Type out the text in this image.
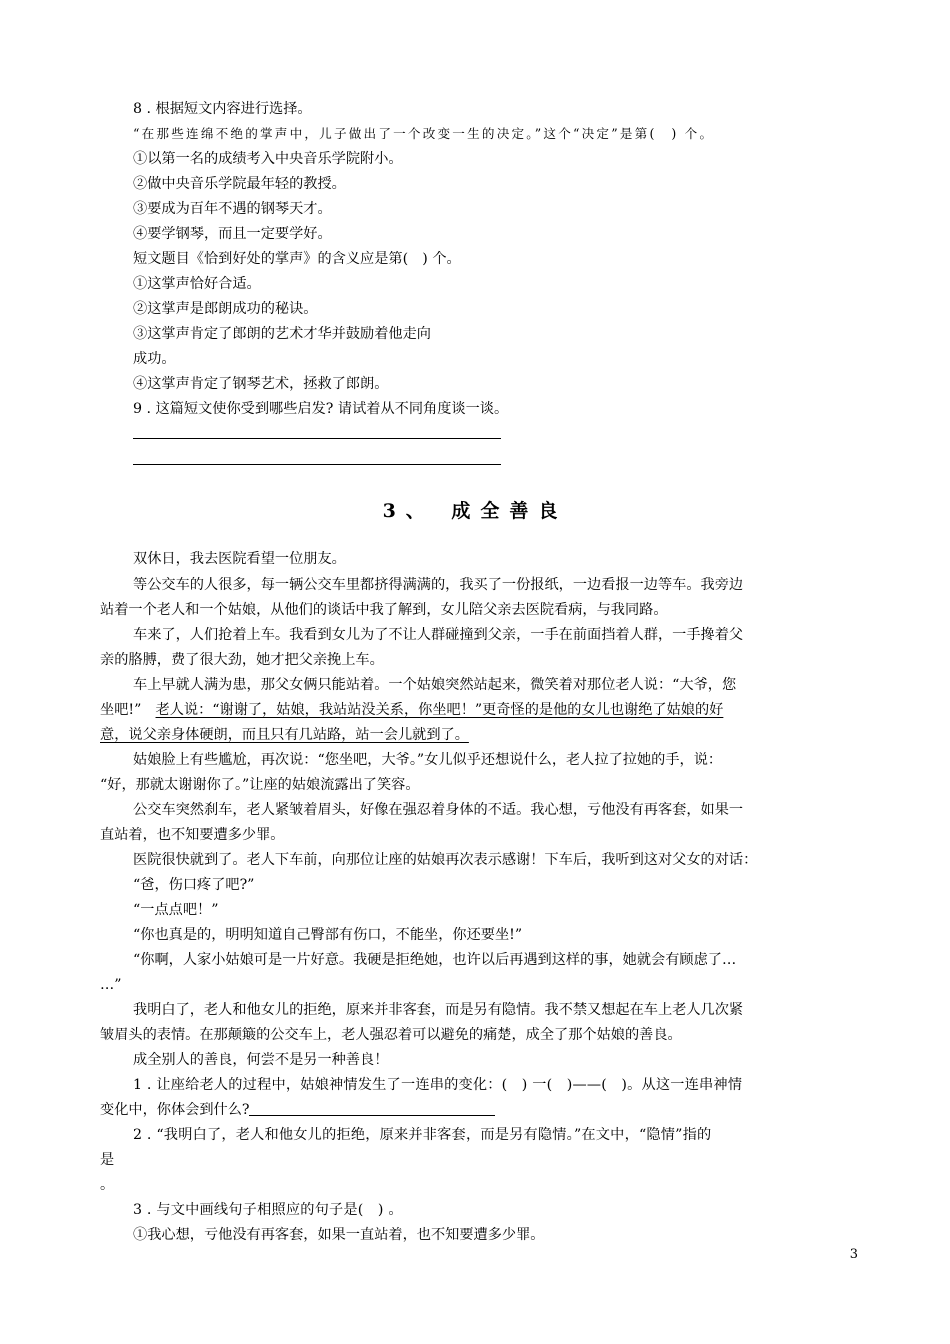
8 . 根据短文内容进行选择。
“在那些连绵不绝的掌声中，儿子做出了一个改变一生的决定。”这个“决定”是第(　) 个。
①以第一名的成绩考入中央音乐学院附小。
②做中央音乐学院最年轻的教授。
③要成为百年不遇的钢琴天才。
④要学钢琴，而且一定要学好。
短文题目《恰到好处的掌声》的含义应是第(　) 个。
①这掌声恰好合适。
②这掌声是郎朗成功的秘诀。
③这掌声肯定了郎朗的艺术才华并鼓励着他走向
成功。
④这掌声肯定了钢琴艺术，拯救了郎朗。
9 . 这篇短文使你受到哪些启发? 请试着从不同角度谈一谈。
3、 成全善良
双休日，我去医院看望一位朋友。
等公交车的人很多，每一辆公交车里都挤得满满的，我买了一份报纸，一边看报一边等车。我旁边
站着一个老人和一个姑娘，从他们的谈话中我了解到，女儿陪父亲去医院看病，与我同路。
车来了，人们抢着上车。我看到女儿为了不让人群碰撞到父亲，一手在前面挡着人群，一手搀着父
亲的胳膊，费了很大劲，她才把父亲挽上车。
车上早就人满为患，那父女俩只能站着。一个姑娘突然站起来，微笑着对那位老人说：“大爷，您
坐吧!”　老人说：“谢谢了，姑娘，我站站没关系，你坐吧！”更奇怪的是他的女儿也谢绝了姑娘的好
意，说父亲身体硬朗，而且只有几站路，站一会儿就到了。
姑娘脸上有些尴尬，再次说：“您坐吧，大爷。”女儿似乎还想说什么，老人拉了拉她的手，说：
“好，那就太谢谢你了。”让座的姑娘流露出了笑容。
公交车突然刹车，老人紧皱着眉头，好像在强忍着身体的不适。我心想，亏他没有再客套，如果一
直站着，也不知要遭多少罪。
医院很快就到了。老人下车前，向那位让座的姑娘再次表示感谢！下车后，我听到这对父女的对话：
“爸，伤口疼了吧?”
“一点点吧！”
“你也真是的，明明知道自己臀部有伤口，不能坐，你还要坐!”
“你啊，人家小姑娘可是一片好意。我硬是拒绝她，也许以后再遇到这样的事，她就会有顾虑了…
…”
我明白了，老人和他女儿的拒绝，原来并非客套，而是另有隐情。我不禁又想起在车上老人几次紧
皱眉头的表情。在那颠簸的公交车上，老人强忍着可以避免的痛楚，成全了那个姑娘的善良。
成全别人的善良，何尝不是另一种善良！
1 . 让座给老人的过程中，姑娘神情发生了一连串的变化：(　) 一(　)——(　)。从这一连串神情
变化中，你体会到什么?
2 . “我明白了，老人和他女儿的拒绝，原来并非客套，而是另有隐情。”在文中，“隐情”指的
是
。
3 . 与文中画线句子相照应的句子是(　) 。
①我心想，亏他没有再客套，如果一直站着，也不知要遭多少罪。
3
